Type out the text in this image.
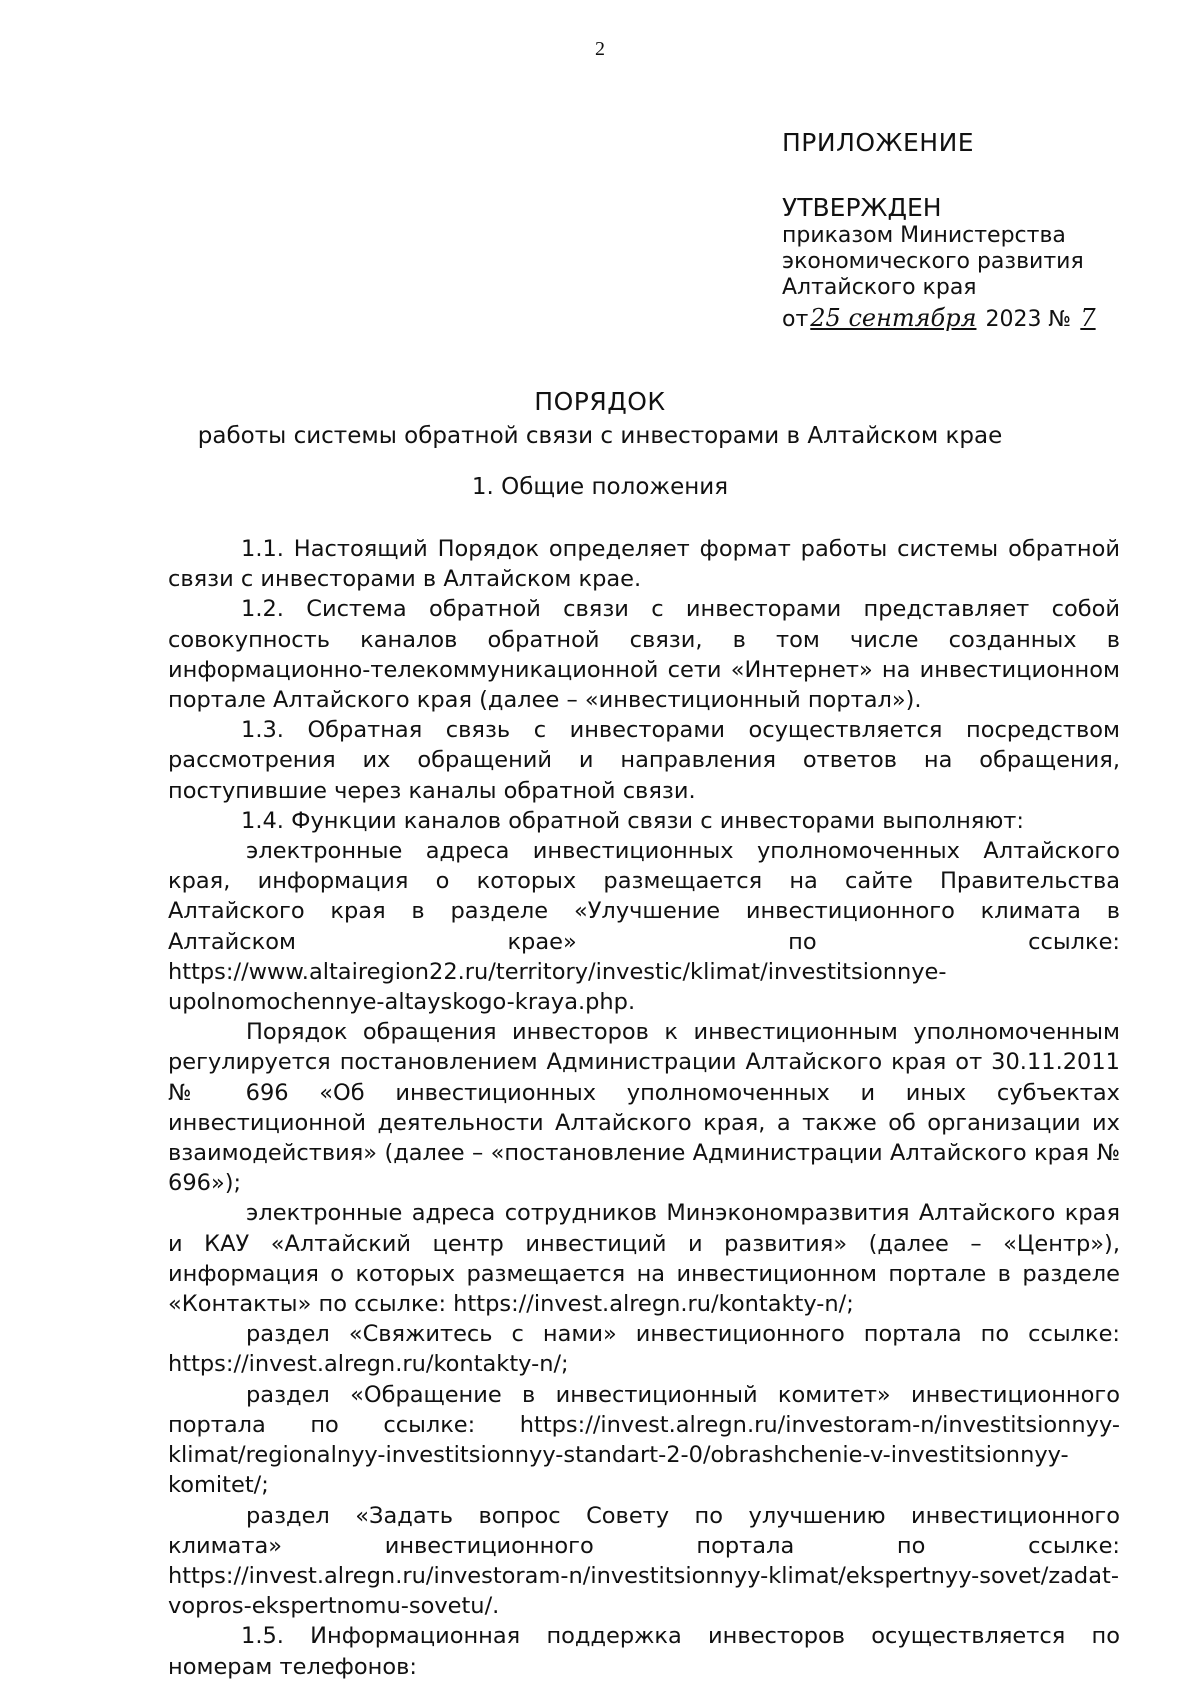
2
ПРИЛОЖЕНИЕ
УТВЕРЖДЕН
приказом Министерства
экономического развития
Алтайского края
от25 сентября 2023 № 7
ПОРЯДОК
работы системы обратной связи с инвесторами в Алтайском крае
1. Общие положения

1.1. Настоящий Порядок определяет формат работы системы обратной связи с инвесторами в Алтайском крае.

1.2. Система обратной связи с инвесторами представляет собой совокупность каналов обратной связи, в том числе созданных в информационно-телекоммуникационной сети «Интернет» на инвестиционном портале Алтайского края (далее – «инвестиционный портал»).

1.3. Обратная связь с инвесторами осуществляется посредством рассмотрения их обращений и направления ответов на обращения, поступившие через каналы обратной связи.

1.4. Функции каналов обратной связи с инвесторами выполняют:

электронные адреса инвестиционных уполномоченных Алтайского края, информация о которых размещается на сайте Правительства Алтайского края в разделе «Улучшение инвестиционного климата в Алтайском крае» по ссылке: https://www.altairegion22.ru/territory/investic/klimat/investitsionnye-upolnomochennye-altayskogo-kraya.php.

Порядок обращения инвесторов к инвестиционным уполномоченным регулируется постановлением Администрации Алтайского края от 30.11.2011 № 696 «Об инвестиционных уполномоченных и иных субъектах инвестиционной деятельности Алтайского края, а также об организации их взаимодействия» (далее – «постановление Администрации Алтайского края № 696»);

электронные адреса сотрудников Минэкономразвития Алтайского края и КАУ «Алтайский центр инвестиций и развития» (далее – «Центр»), информация о которых размещается на инвестиционном портале в разделе «Контакты» по ссылке: https://invest.alregn.ru/kontakty-n/;

раздел «Свяжитесь с нами» инвестиционного портала по ссылке: https://invest.alregn.ru/kontakty-n/;

раздел «Обращение в инвестиционный комитет» инвестиционного портала по ссылке: https://invest.alregn.ru/investoram-n/investitsionnyy-klimat/regionalnyy-investitsionnyy-standart-2-0/obrashchenie-v-investitsionnyy-komitet/;

раздел «Задать вопрос Совету по улучшению инвестиционного климата» инвестиционного портала по ссылке: https://invest.alregn.ru/investoram-n/investitsionnyy-klimat/ekspertnyy-sovet/zadat-vopros-ekspertnomu-sovetu/.

1.5. Информационная поддержка инвесторов осуществляется по номерам телефонов:
